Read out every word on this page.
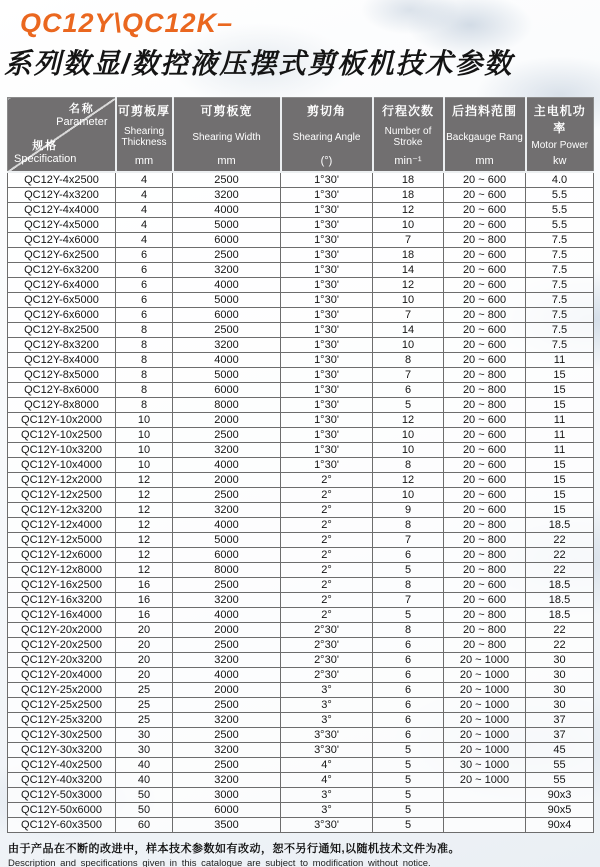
QC12Y\QC12K–
系列数显/数控液压摆式剪板机技术参数
名称
Parameter
规格
Specification

可剪板厚
Shearing Thickness
mm

可剪板宽
Shearing Width
mm

剪切角
Shearing Angle
(°)

行程次数
Number of Stroke
min⁻¹

后挡料范围
Backgauge Rang
mm

主电机功率
Motor Power
kw

QC12Y-4x2500	4	2500	1°30'	18	20 ~ 600	4.0
QC12Y-4x3200	4	3200	1°30'	18	20 ~ 600	5.5
QC12Y-4x4000	4	4000	1°30'	12	20 ~ 600	5.5
QC12Y-4x5000	4	5000	1°30'	10	20 ~ 600	5.5
QC12Y-4x6000	4	6000	1°30'	7	20 ~ 800	7.5
QC12Y-6x2500	6	2500	1°30'	18	20 ~ 600	7.5
QC12Y-6x3200	6	3200	1°30'	14	20 ~ 600	7.5
QC12Y-6x4000	6	4000	1°30'	12	20 ~ 600	7.5
QC12Y-6x5000	6	5000	1°30'	10	20 ~ 600	7.5
QC12Y-6x6000	6	6000	1°30'	7	20 ~ 800	7.5
QC12Y-8x2500	8	2500	1°30'	14	20 ~ 600	7.5
QC12Y-8x3200	8	3200	1°30'	10	20 ~ 600	7.5
QC12Y-8x4000	8	4000	1°30'	8	20 ~ 600	11
QC12Y-8x5000	8	5000	1°30'	7	20 ~ 800	15
QC12Y-8x6000	8	6000	1°30'	6	20 ~ 800	15
QC12Y-8x8000	8	8000	1°30'	5	20 ~ 800	15
QC12Y-10x2000	10	2000	1°30'	12	20 ~ 600	11
QC12Y-10x2500	10	2500	1°30'	10	20 ~ 600	11
QC12Y-10x3200	10	3200	1°30'	10	20 ~ 600	11
QC12Y-10x4000	10	4000	1°30'	8	20 ~ 600	15
QC12Y-12x2000	12	2000	2°	12	20 ~ 600	15
QC12Y-12x2500	12	2500	2°	10	20 ~ 600	15
QC12Y-12x3200	12	3200	2°	9	20 ~ 600	15
QC12Y-12x4000	12	4000	2°	8	20 ~ 800	18.5
QC12Y-12x5000	12	5000	2°	7	20 ~ 800	22
QC12Y-12x6000	12	6000	2°	6	20 ~ 800	22
QC12Y-12x8000	12	8000	2°	5	20 ~ 800	22
QC12Y-16x2500	16	2500	2°	8	20 ~ 600	18.5
QC12Y-16x3200	16	3200	2°	7	20 ~ 600	18.5
QC12Y-16x4000	16	4000	2°	5	20 ~ 800	18.5
QC12Y-20x2000	20	2000	2°30'	8	20 ~ 800	22
QC12Y-20x2500	20	2500	2°30'	6	20 ~ 800	22
QC12Y-20x3200	20	3200	2°30'	6	20 ~ 1000	30
QC12Y-20x4000	20	4000	2°30'	6	20 ~ 1000	30
QC12Y-25x2000	25	2000	3°	6	20 ~ 1000	30
QC12Y-25x2500	25	2500	3°	6	20 ~ 1000	30
QC12Y-25x3200	25	3200	3°	6	20 ~ 1000	37
QC12Y-30x2500	30	2500	3°30'	6	20 ~ 1000	37
QC12Y-30x3200	30	3200	3°30'	5	20 ~ 1000	45
QC12Y-40x2500	40	2500	4°	5	30 ~ 1000	55
QC12Y-40x3200	40	3200	4°	5	20 ~ 1000	55
QC12Y-50x3000	50	3000	3°	5		90x3
QC12Y-50x6000	50	6000	3°	5		90x5
QC12Y-60x3500	60	3500	3°30'	5		90x4
由于产品在不断的改进中，样本技术参数如有改动，恕不另行通知,以随机技术文件为准。
Description and specifications given in this catalogue are subject to modification without notice.
